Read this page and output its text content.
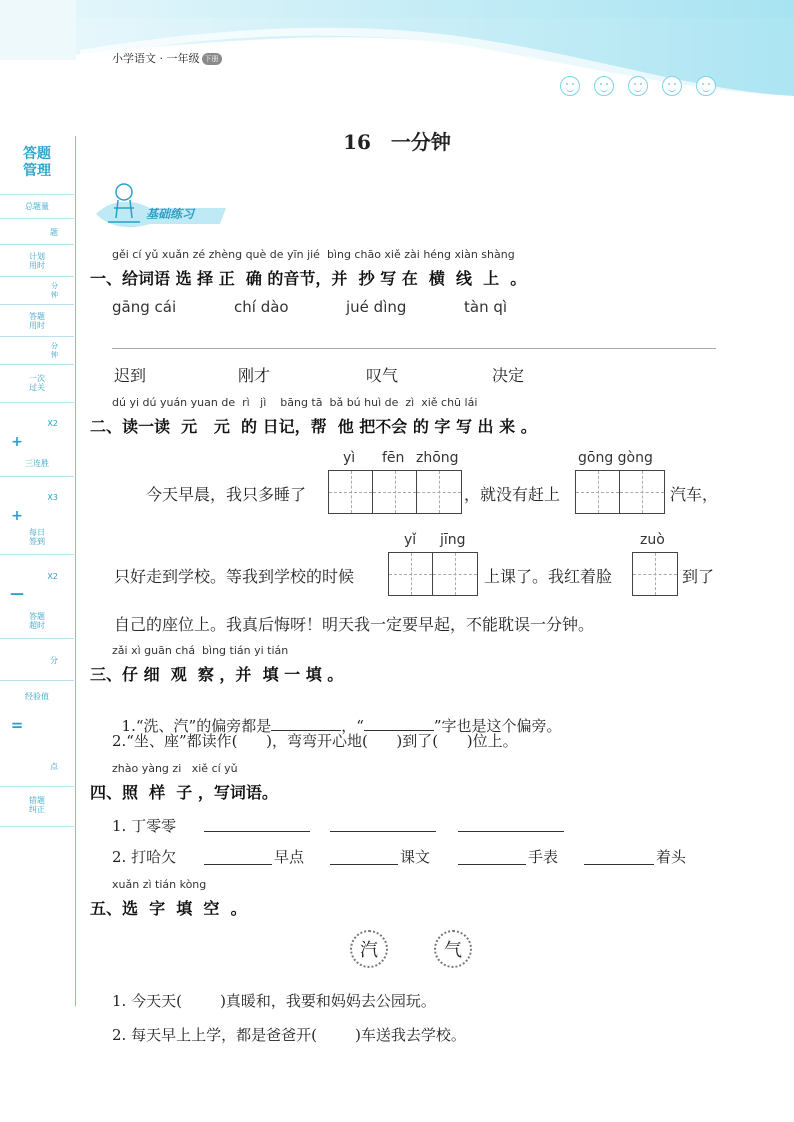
小学语文 · 一年级 下册
16 一分钟
答题
管理
总题量
题
计划
用时
分
钟
答题
用时
分
钟
一次
过关
X2
+
三连胜
X3
+
每日
签到
X2
—
答题
超时
分
经验值
=
点
错题
纠正
基础练习
gěi cí yǔ xuǎn zé zhèng què de yīn jié  bìng chāo xiě zài héng xiàn shàng
一、给词语 选 择 正  确 的音节，并  抄 写 在  横  线  上  。
gāng cái	chí dào	jué dìng	tàn qì
迟到	刚才	叹气	决定
dú yi dú yuán yuan de  rì   jì    bāng tā  bǎ bú huì de  zì  xiě chū lái
二、读一读  元   元  的 日记，帮  他 把不会 的 字 写 出 来 。
yì fēn zhōng	gōng gòng
今天早晨，我只多睡了	，就没有赶上	汽车，
yǐ jīng	zuò
只好走到学校。等我到学校的时候	上课了。我红着脸	到了
自己的座位上。我真后悔呀！明天我一定要早起，不能耽误一分钟。
zǎi xì guān chá  bìng tián yi tián
三、仔 细  观  察 ，并  填 一 填 。

1.“洗、汽”的偏旁都是	，“	”字也是这个偏旁。

2.“坐、座”都读作(      )，弯弯开心地(      )到了(      )位上。
zhào yàng zi   xiě cí yǔ
四、照  样  子 ，写词语。
1. 丁零零
2. 打哈欠	早点	课文	手表	着头
xuǎn zì tián kòng
五、选  字  填  空  。
汽	气
1. 今天天(        )真暖和，我要和妈妈去公园玩。
2. 每天早上上学，都是爸爸开(        )车送我去学校。
